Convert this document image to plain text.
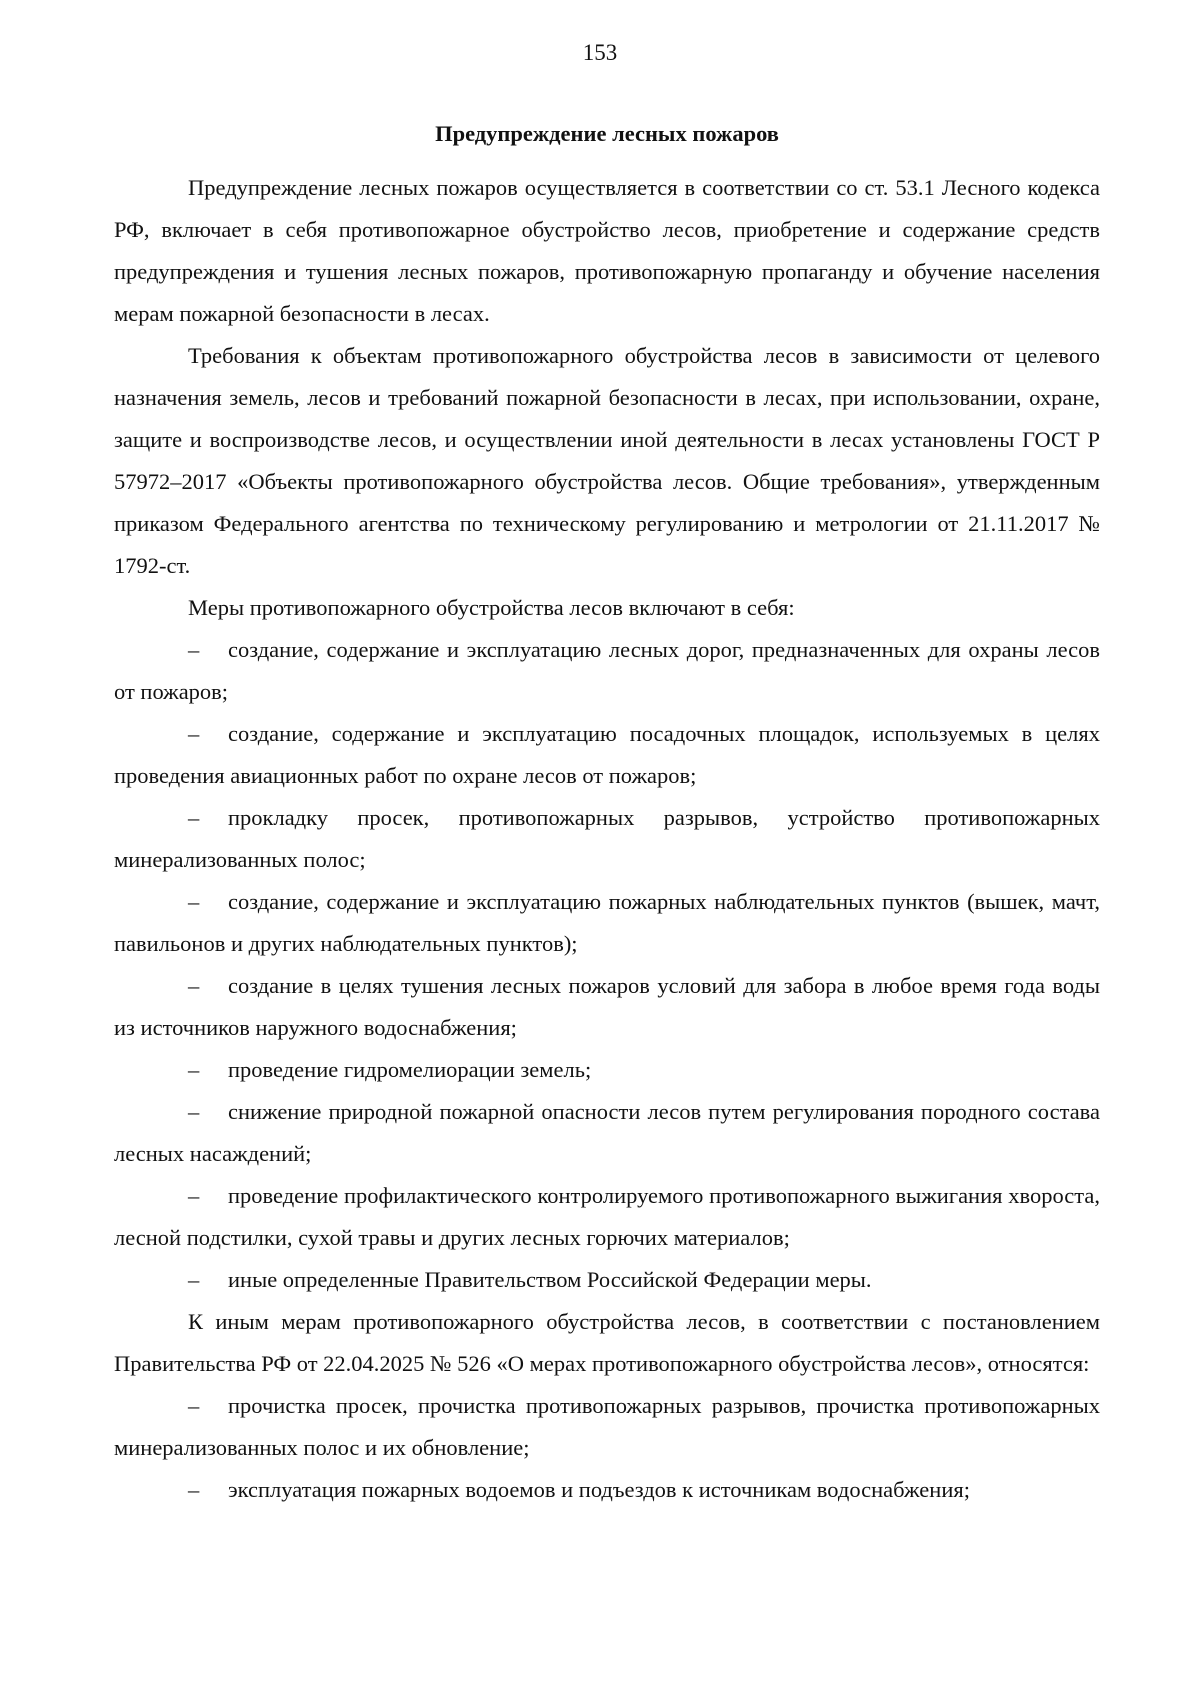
153

Предупреждение лесных пожаров

Предупреждение лесных пожаров осуществляется в соответствии со ст. 53.1 Лесного кодекса РФ, включает в себя противопожарное обустройство лесов, приобретение и содержание средств предупреждения и тушения лесных пожаров, противопожарную пропаганду и обучение населения мерам пожарной безопасности в лесах.

Требования к объектам противопожарного обустройства лесов в зависимости от целевого назначения земель, лесов и требований пожарной безопасности в лесах, при использовании, охране, защите и воспроизводстве лесов, и осуществлении иной деятельности в лесах установлены ГОСТ Р 57972–2017 «Объекты противопожарного обустройства лесов. Общие требования», утвержденным приказом Федерального агентства по техническому регулированию и метрологии от 21.11.2017 № 1792-ст.

Меры противопожарного обустройства лесов включают в себя:

– создание, содержание и эксплуатацию лесных дорог, предназначенных для охраны лесов от пожаров;

– создание, содержание и эксплуатацию посадочных площадок, используемых в целях проведения авиационных работ по охране лесов от пожаров;

– прокладку просек, противопожарных разрывов, устройство противопожарных минерализованных полос;

– создание, содержание и эксплуатацию пожарных наблюдательных пунктов (вышек, мачт, павильонов и других наблюдательных пунктов);

– создание в целях тушения лесных пожаров условий для забора в любое время года воды из источников наружного водоснабжения;

– проведение гидромелиорации земель;

– снижение природной пожарной опасности лесов путем регулирования породного состава лесных насаждений;

– проведение профилактического контролируемого противопожарного выжигания хвороста, лесной подстилки, сухой травы и других лесных горючих материалов;

– иные определенные Правительством Российской Федерации меры.

К иным мерам противопожарного обустройства лесов, в соответствии с постановлением Правительства РФ от 22.04.2025 № 526 «О мерах противопожарного обустройства лесов», относятся:

– прочистка просек, прочистка противопожарных разрывов, прочистка противопожарных минерализованных полос и их обновление;

– эксплуатация пожарных водоемов и подъездов к источникам водоснабжения;
